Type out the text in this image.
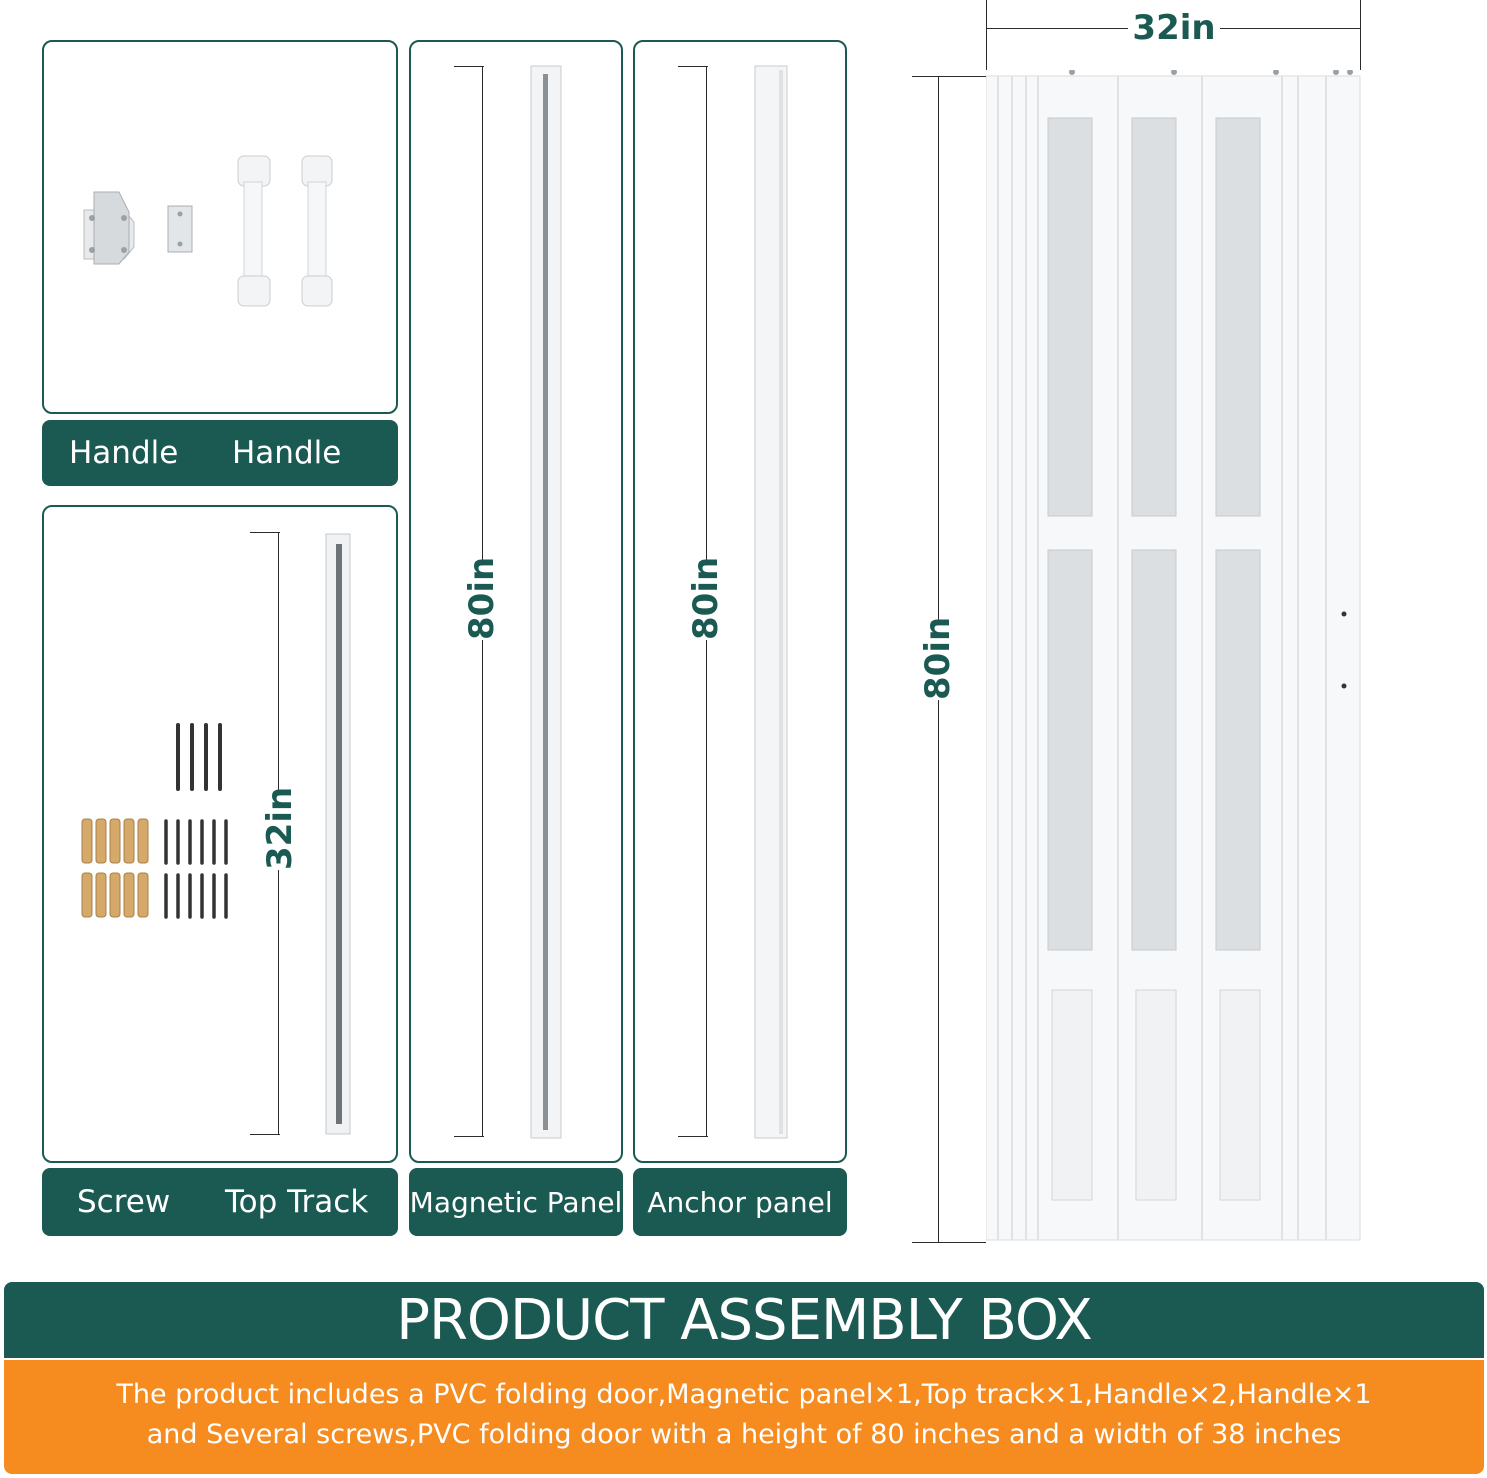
Handle Handle
32in
Screw Top Track
80in
Magnetic Panel
80in
Anchor panel
32in
80in
PRODUCT ASSEMBLY BOX
The product includes a PVC folding door,Magnetic panel×1,Top track×1,Handle×2,Handle×1
and Several screws,PVC folding door with a height of 80 inches and a width of 38 inches
